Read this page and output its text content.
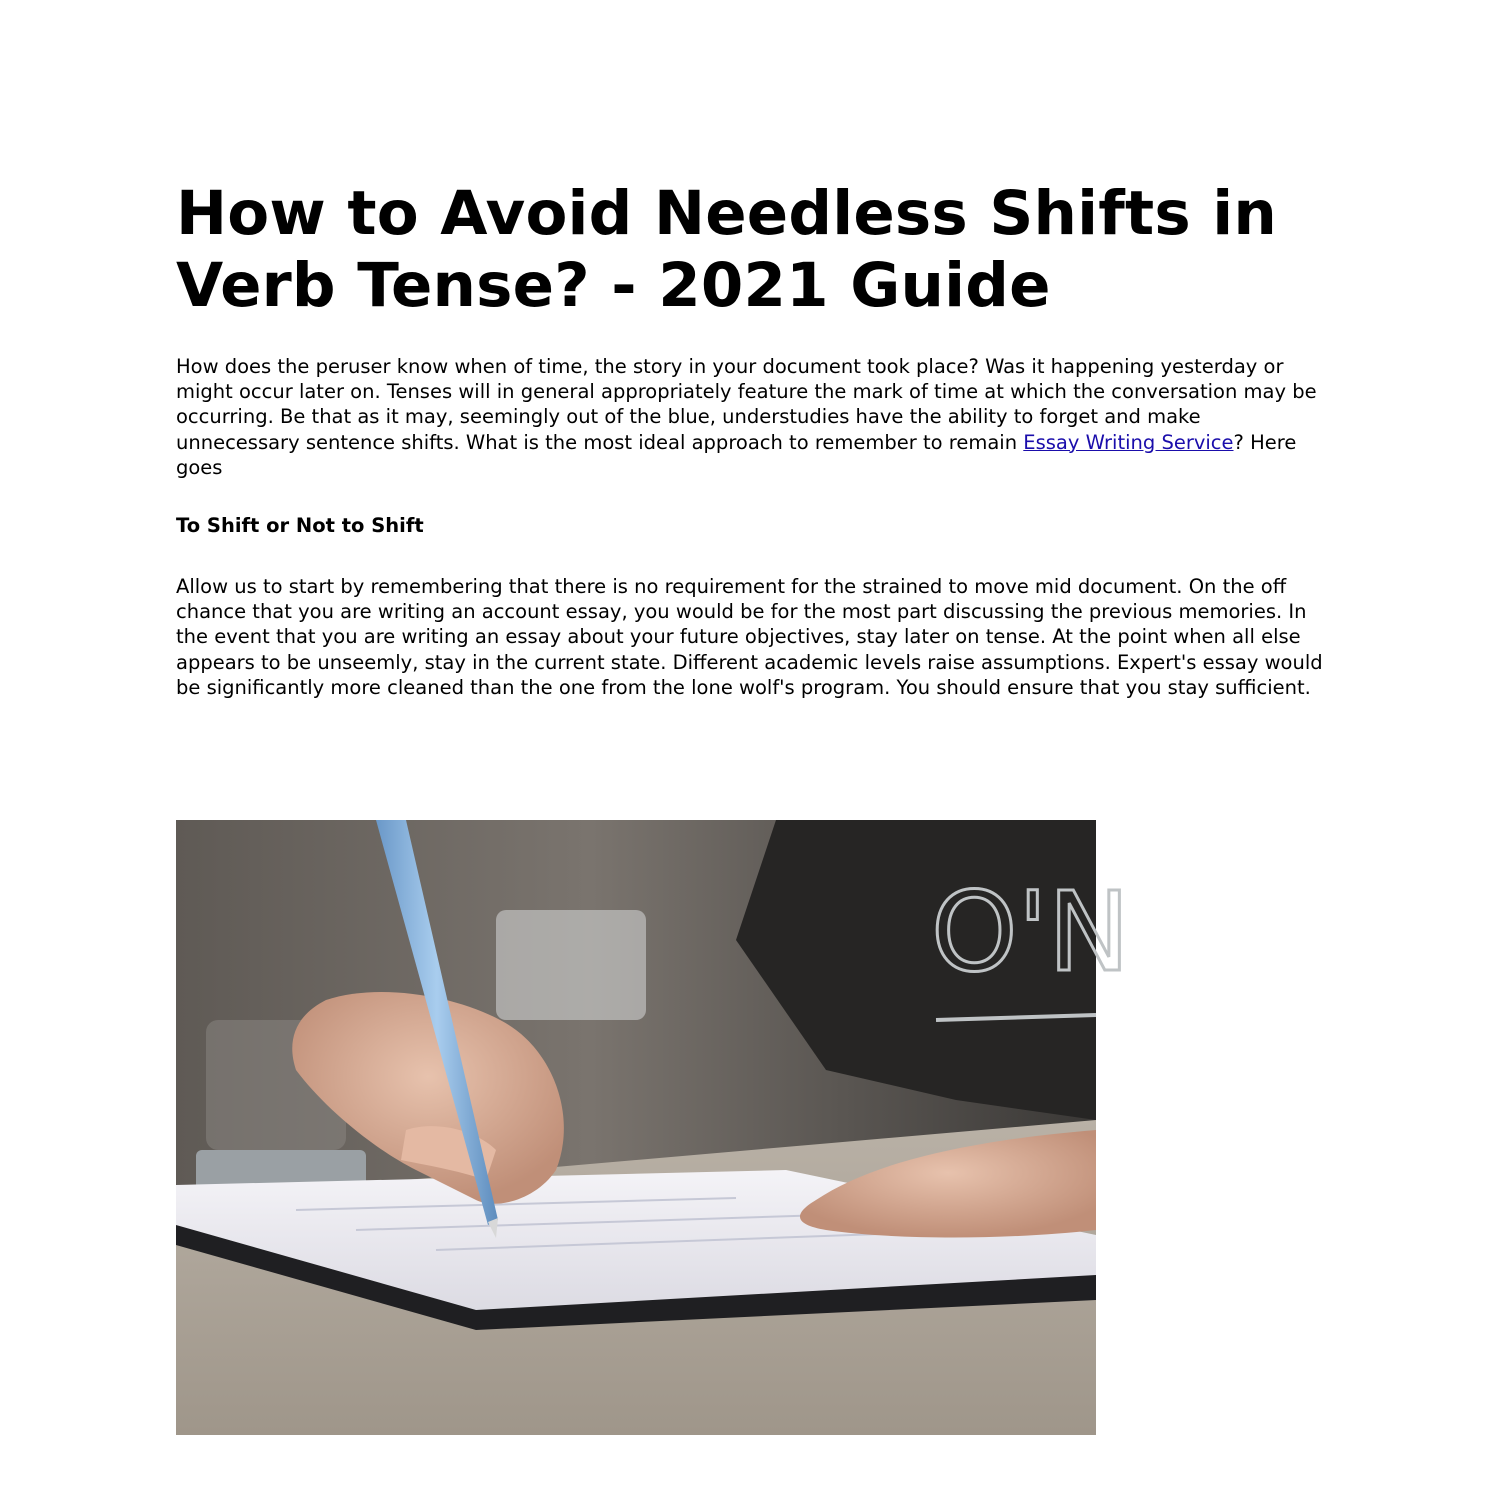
How to Avoid Needless Shifts in Verb Tense? - 2021 Guide

How does the peruser know when of time, the story in your document took place? Was it happening yesterday or might occur later on. Tenses will in general appropriately feature the mark of time at which the conversation may be occurring. Be that as it may, seemingly out of the blue, understudies have the ability to forget and make unnecessary sentence shifts. What is the most ideal approach to remember to remain Essay Writing Service? Here goes

To Shift or Not to Shift

Allow us to start by remembering that there is no requirement for the strained to move mid document. On the off chance that you are writing an account essay, you would be for the most part discussing the previous memories. In the event that you are writing an essay about your future objectives, stay later on tense. At the point when all else appears to be unseemly, stay in the current state. Different academic levels raise assumptions. Expert's essay would be significantly more cleaned than the one from the lone wolf's program. You should ensure that you stay sufficient.

O'N
